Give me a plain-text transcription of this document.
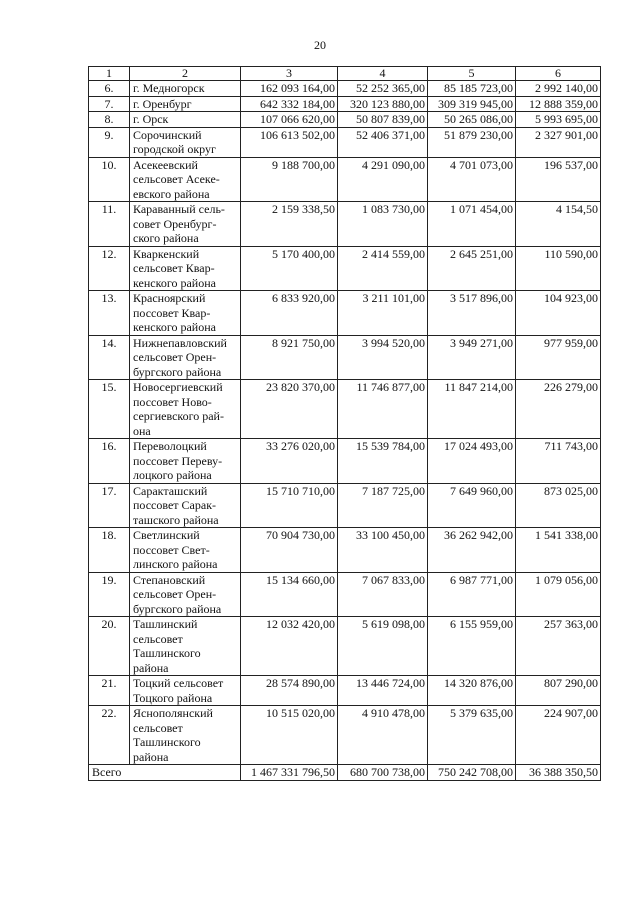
20
1	2	3	4	5	6
6.	г. Медногорск	162 093 164,00	52 252 365,00	85 185 723,00	2 992 140,00
7.	г. Оренбург	642 332 184,00	320 123 880,00	309 319 945,00	12 888 359,00
8.	г. Орск	107 066 620,00	50 807 839,00	50 265 086,00	5 993 695,00
9.	Сорочинский
городской округ	106 613 502,00	52 406 371,00	51 879 230,00	2 327 901,00
10.	Асекеевский
сельсовет Асеке-
евского района	9 188 700,00	4 291 090,00	4 701 073,00	196 537,00
11.	Караванный сель-
совет Оренбург-
ского района	2 159 338,50	1 083 730,00	1 071 454,00	4 154,50
12.	Кваркенский
сельсовет Квар-
кенского района	5 170 400,00	2 414 559,00	2 645 251,00	110 590,00
13.	Красноярский
поссовет Квар-
кенского района	6 833 920,00	3 211 101,00	3 517 896,00	104 923,00
14.	Нижнепавловский
сельсовет Орен-
бургского района	8 921 750,00	3 994 520,00	3 949 271,00	977 959,00
15.	Новосергиевский
поссовет Ново-
сергиевского рай-
она	23 820 370,00	11 746 877,00	11 847 214,00	226 279,00
16.	Переволоцкий
поссовет Переву-
лоцкого района	33 276 020,00	15 539 784,00	17 024 493,00	711 743,00
17.	Саракташский
поссовет Сарак-
ташского района	15 710 710,00	7 187 725,00	7 649 960,00	873 025,00
18.	Светлинский
поссовет Свет-
линского района	70 904 730,00	33 100 450,00	36 262 942,00	1 541 338,00
19.	Степановский
сельсовет Орен-
бургского района	15 134 660,00	7 067 833,00	6 987 771,00	1 079 056,00
20.	Ташлинский
сельсовет
Ташлинского
района	12 032 420,00	5 619 098,00	6 155 959,00	257 363,00
21.	Тоцкий сельсовет
Тоцкого района	28 574 890,00	13 446 724,00	14 320 876,00	807 290,00
22.	Яснополянский
сельсовет
Ташлинского
района	10 515 020,00	4 910 478,00	5 379 635,00	224 907,00
Всего		1 467 331 796,50	680 700 738,00	750 242 708,00	36 388 350,50
